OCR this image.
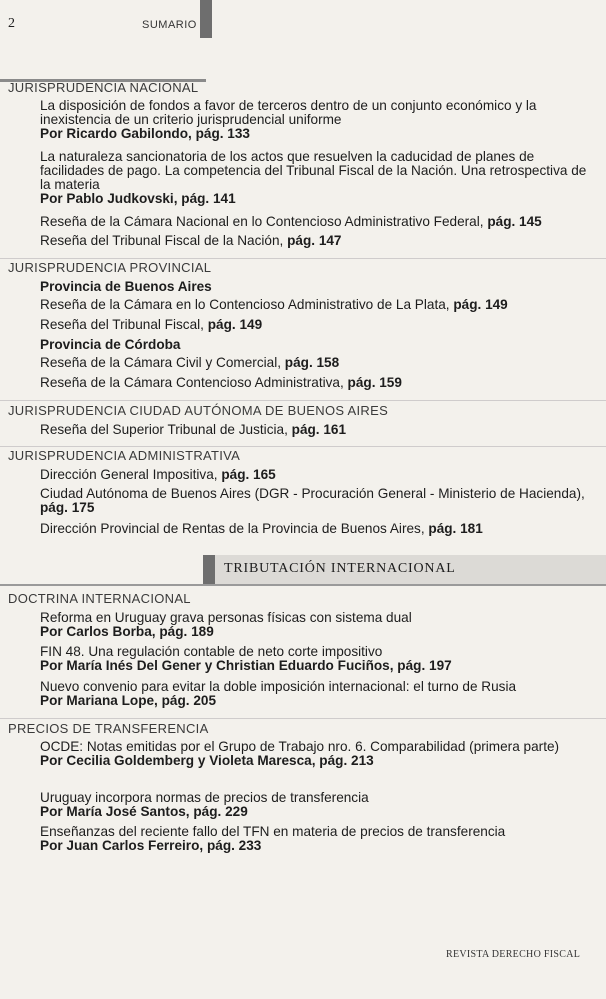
2	SUMARIO
JURISPRUDENCIA NACIONAL
La disposición de fondos a favor de terceros dentro de un conjunto económico y la inexistencia de un criterio jurisprudencial uniforme
Por Ricardo Gabilondo, pág. 133
La naturaleza sancionatoria de los actos que resuelven la caducidad de planes de facilidades de pago. La competencia del Tribunal Fiscal de la Nación. Una retrospectiva de la materia
Por Pablo Judkovski, pág. 141
Reseña de la Cámara Nacional en lo Contencioso Administrativo Federal, pág. 145
Reseña del Tribunal Fiscal de la Nación, pág. 147
JURISPRUDENCIA PROVINCIAL
Provincia de Buenos Aires
Reseña de la Cámara en lo Contencioso Administrativo de La Plata, pág. 149
Reseña del Tribunal Fiscal, pág. 149
Provincia de Córdoba
Reseña de la Cámara Civil y Comercial, pág. 158
Reseña de la Cámara Contencioso Administrativa, pág. 159
JURISPRUDENCIA CIUDAD AUTÓNOMA DE BUENOS AIRES
Reseña del Superior Tribunal de Justicia, pág. 161
JURISPRUDENCIA ADMINISTRATIVA
Dirección General Impositiva, pág. 165
Ciudad Autónoma de Buenos Aires (DGR - Procuración General - Ministerio de Hacienda), pág. 175
Dirección Provincial de Rentas de la Provincia de Buenos Aires, pág. 181
TRIBUTACIÓN INTERNACIONAL
DOCTRINA INTERNACIONAL
Reforma en Uruguay grava personas físicas con sistema dual
Por Carlos Borba, pág. 189
FIN 48. Una regulación contable de neto corte impositivo
Por María Inés Del Gener y Christian Eduardo Fuciños, pág. 197
Nuevo convenio para evitar la doble imposición internacional: el turno de Rusia
Por Mariana Lope, pág. 205
PRECIOS DE TRANSFERENCIA
OCDE: Notas emitidas por el Grupo de Trabajo nro. 6. Comparabilidad (primera parte)
Por Cecilia Goldemberg y Violeta Maresca, pág. 213
Uruguay incorpora normas de precios de transferencia
Por María José Santos, pág. 229
Enseñanzas del reciente fallo del TFN en materia de precios de transferencia
Por Juan Carlos Ferreiro, pág. 233
REVISTA DERECHO FISCAL
